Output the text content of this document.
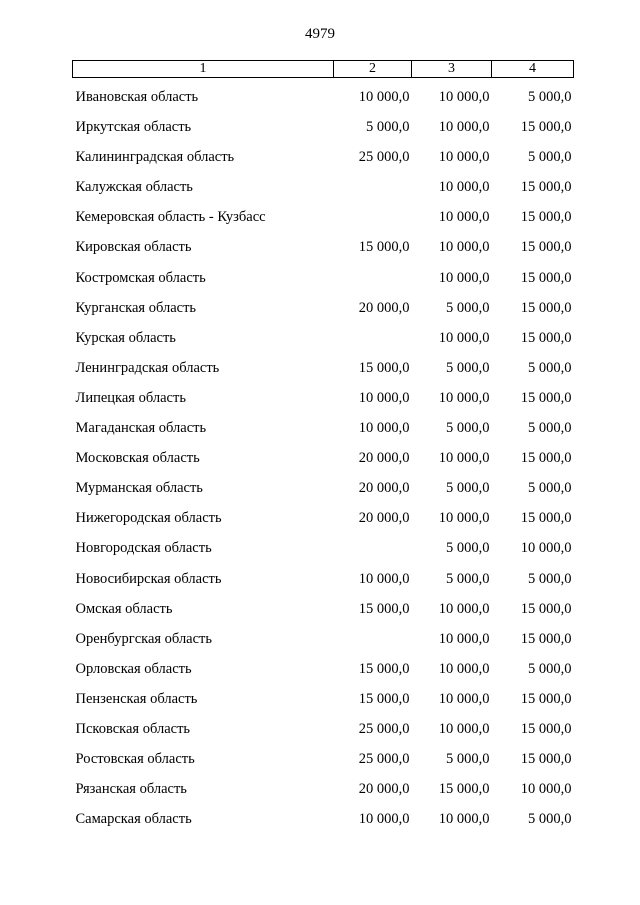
4979
1	2	3	4
Ивановская область	10 000,0	10 000,0	5 000,0
Иркутская область	5 000,0	10 000,0	15 000,0
Калининградская область	25 000,0	10 000,0	5 000,0
Калужская область		10 000,0	15 000,0
Кемеровская область - Кузбасс		10 000,0	15 000,0
Кировская область	15 000,0	10 000,0	15 000,0
Костромская область		10 000,0	15 000,0
Курганская область	20 000,0	5 000,0	15 000,0
Курская область		10 000,0	15 000,0
Ленинградская область	15 000,0	5 000,0	5 000,0
Липецкая область	10 000,0	10 000,0	15 000,0
Магаданская область	10 000,0	5 000,0	5 000,0
Московская область	20 000,0	10 000,0	15 000,0
Мурманская область	20 000,0	5 000,0	5 000,0
Нижегородская область	20 000,0	10 000,0	15 000,0
Новгородская область		5 000,0	10 000,0
Новосибирская область	10 000,0	5 000,0	5 000,0
Омская область	15 000,0	10 000,0	15 000,0
Оренбургская область		10 000,0	15 000,0
Орловская область	15 000,0	10 000,0	5 000,0
Пензенская область	15 000,0	10 000,0	15 000,0
Псковская область	25 000,0	10 000,0	15 000,0
Ростовская область	25 000,0	5 000,0	15 000,0
Рязанская область	20 000,0	15 000,0	10 000,0
Самарская область	10 000,0	10 000,0	5 000,0
